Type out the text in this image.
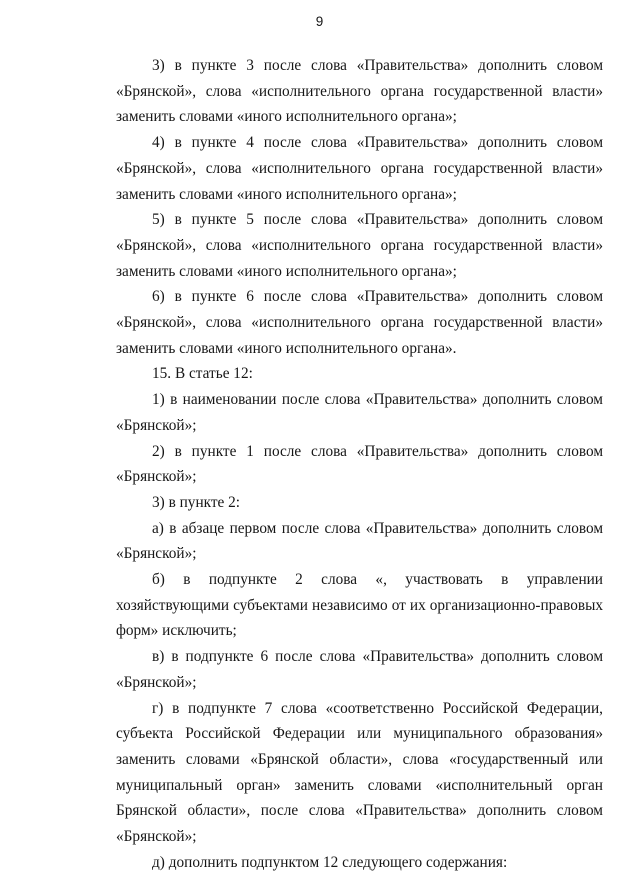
9

3) в пункте 3 после слова «Правительства» дополнить словом «Брянской», слова «исполнительного органа государственной власти» заменить словами «иного исполнительного органа»;

4) в пункте 4 после слова «Правительства» дополнить словом «Брянской», слова «исполнительного органа государственной власти» заменить словами «иного исполнительного органа»;

5) в пункте 5 после слова «Правительства» дополнить словом «Брянской», слова «исполнительного органа государственной власти» заменить словами «иного исполнительного органа»;

6) в пункте 6 после слова «Правительства» дополнить словом «Брянской», слова «исполнительного органа государственной власти» заменить словами «иного исполнительного органа».

15. В статье 12:

1) в наименовании после слова «Правительства» дополнить словом «Брянской»;

2) в пункте 1 после слова «Правительства» дополнить словом «Брянской»;

3) в пункте 2:

а) в абзаце первом после слова «Правительства» дополнить словом «Брянской»;

б) в подпункте 2 слова «, участвовать в управлении хозяйствующими субъектами независимо от их организационно-правовых форм» исключить;

в) в подпункте 6 после слова «Правительства» дополнить словом «Брянской»;

г) в подпункте 7 слова «соответственно Российской Федерации, субъекта Российской Федерации или муниципального образования» заменить словами «Брянской области», слова «государственный или муниципальный орган» заменить словами «исполнительный орган Брянской области», после слова «Правительства» дополнить словом «Брянской»;

д) дополнить подпунктом 12 следующего содержания:
